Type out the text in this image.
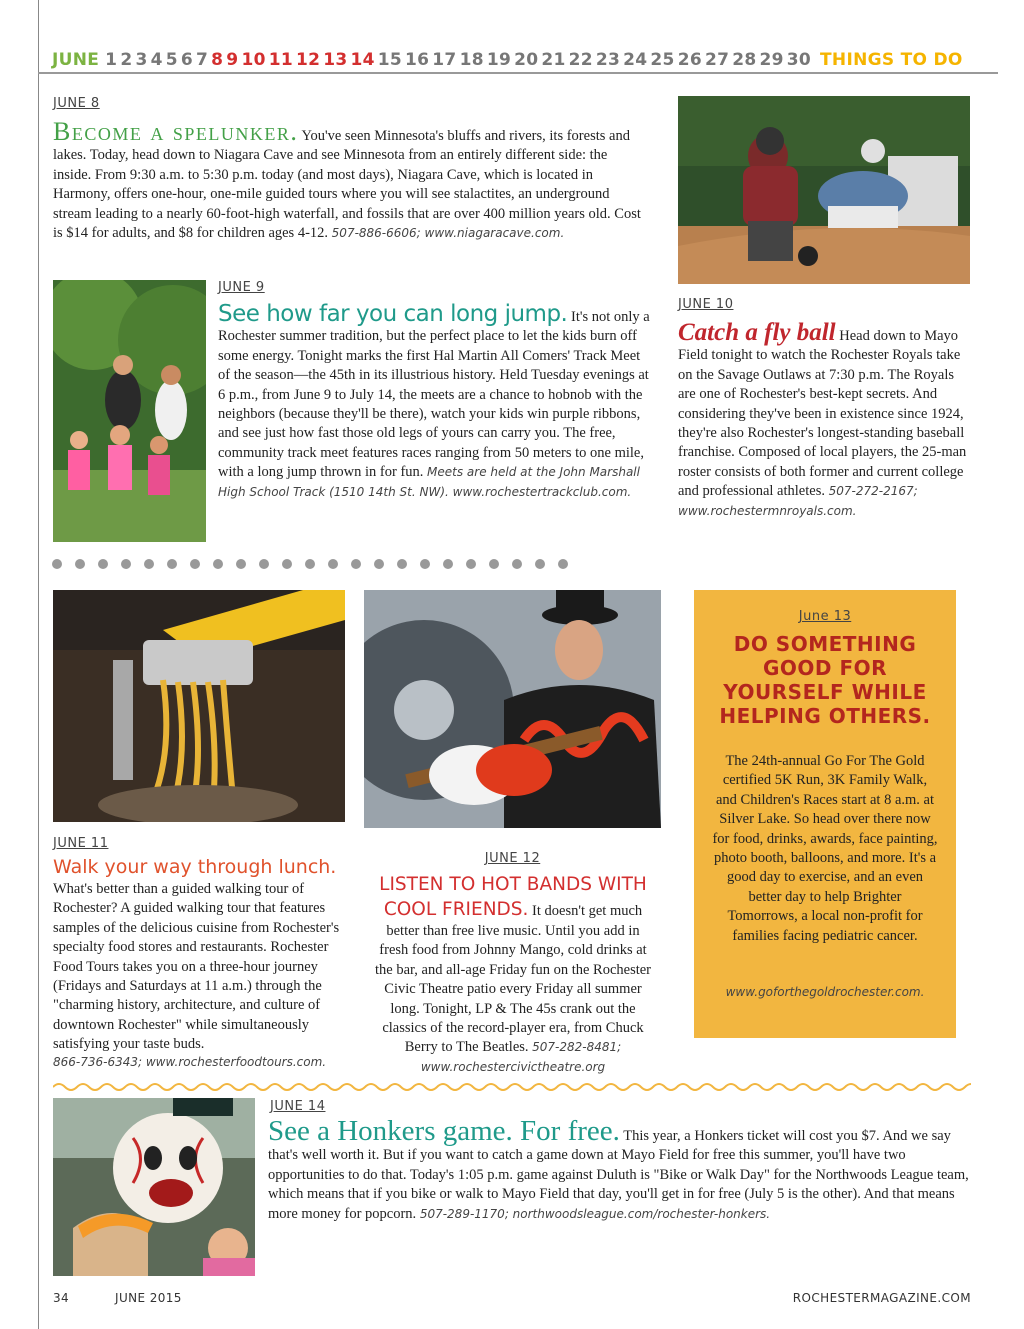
JUNE 1 2 3 4 5 6 7 8 9 10 11 12 13 14 15 16 17 18 19 20 21 22 23 24 25 26 27 28 29 30 THINGS TO DO
JUNE 8
Become a spelunker. You've seen Minnesota's bluffs and rivers, its forests and lakes. Today, head down to Niagara Cave and see Minnesota from an entirely different side: the inside. From 9:30 a.m. to 5:30 p.m. today (and most days), Niagara Cave, which is located in Harmony, offers one-hour, one-mile guided tours where you will see stalactites, an underground stream leading to a nearly 60-foot-high waterfall, and fossils that are over 400 million years old. Cost is $14 for adults, and $8 for children ages 4-12. 507-886-6606; www.niagaracave.com.
JUNE 9
See how far you can long jump. It's not only a Rochester summer tradition, but the perfect place to let the kids burn off some energy. Tonight marks the first Hal Martin All Comers' Track Meet of the season—the 45th in its illustrious history. Held Tuesday evenings at 6 p.m., from June 9 to July 14, the meets are a chance to hobnob with the neighbors (because they'll be there), watch your kids win purple ribbons, and see just how fast those old legs of yours can carry you. The free, community track meet features races ranging from 50 meters to one mile, with a long jump thrown in for fun. Meets are held at the John Marshall High School Track (1510 14th St. NW). www.rochestertrackclub.com.
JUNE 10
Catch a fly ball Head down to Mayo Field tonight to watch the Rochester Royals take on the Savage Outlaws at 7:30 p.m. The Royals are one of Rochester's best-kept secrets. And considering they've been in existence since 1924, they're also Rochester's longest-standing baseball franchise. Composed of local players, the 25-man roster consists of both former and current college and professional athletes. 507-272-2167; www.rochestermnroyals.com.
June 13
DO SOMETHING GOOD FOR YOURSELF WHILE HELPING OTHERS.
The 24th-annual Go For The Gold certified 5K Run, 3K Family Walk, and Children's Races start at 8 a.m. at Silver Lake. So head over there now for food, drinks, awards, face painting, photo booth, balloons, and more. It's a good day to exercise, and an even better day to help Brighter Tomorrows, a local non-profit for families facing pediatric cancer.
www.goforthegoldrochester.com.
JUNE 11
Walk your way through lunch.
What's better than a guided walking tour of Rochester? A guided walking tour that features samples of the delicious cuisine from Rochester's specialty food stores and restaurants. Rochester Food Tours takes you on a three-hour journey (Fridays and Saturdays at 11 a.m.) through the "charming history, architecture, and culture of downtown Rochester" while simultaneously satisfying your taste buds.
866-736-6343; www.rochesterfoodtours.com.
JUNE 12
LISTEN TO HOT BANDS WITH COOL FRIENDS. It doesn't get much better than free live music. Until you add in fresh food from Johnny Mango, cold drinks at the bar, and all-age Friday fun on the Rochester Civic Theatre patio every Friday all summer long. Tonight, LP & The 45s crank out the classics of the record-player era, from Chuck Berry to The Beatles. 507-282-8481; www.rochestercivictheatre.org
JUNE 14
See a Honkers game. For free. This year, a Honkers ticket will cost you $7. And we say that's well worth it. But if you want to catch a game down at Mayo Field for free this summer, you'll have two opportunities to do that. Today's 1:05 p.m. game against Duluth is "Bike or Walk Day" for the Northwoods League team, which means that if you bike or walk to Mayo Field that day, you'll get in for free (July 5 is the other). And that means more money for popcorn. 507-289-1170; northwoodsleague.com/rochester-honkers.
34	JUNE 2015	ROCHESTERMAGAZINE.COM
